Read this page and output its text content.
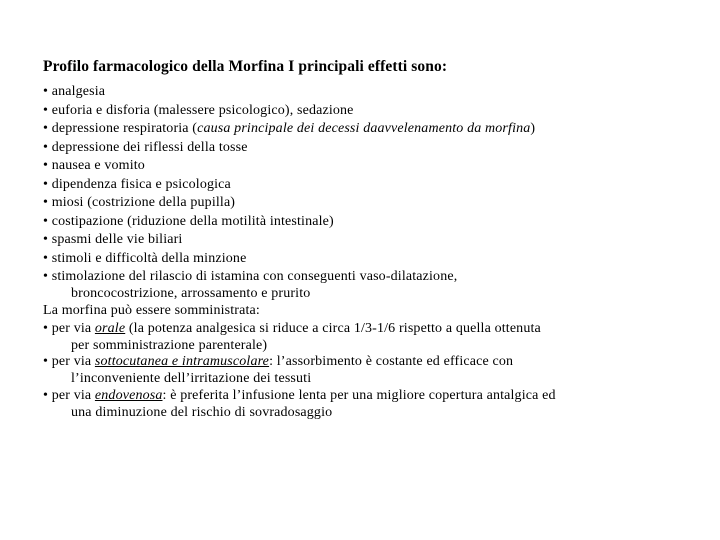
Profilo farmacologico della Morfina I principali effetti sono:
• analgesia
• euforia e disforia (malessere psicologico), sedazione
• depressione respiratoria (causa principale dei decessi daavvelenamento da morfina)
• depressione dei riflessi della tosse
• nausea e vomito
• dipendenza fisica e psicologica
• miosi (costrizione della pupilla)
• costipazione (riduzione della motilità intestinale)
• spasmi delle vie biliari
• stimoli e difficoltà della minzione
• stimolazione del rilascio di istamina con conseguenti vaso-dilatazione,
broncocostrizione, arrossamento e prurito
La morfina può essere somministrata:
• per via orale (la potenza analgesica si riduce a circa 1/3-1/6 rispetto a quella ottenuta
per somministrazione parenterale)
• per via sottocutanea e intramuscolare: l’assorbimento è costante ed efficace con
l’inconveniente dell’irritazione dei tessuti
• per via endovenosa: è preferita l’infusione lenta per una migliore copertura antalgica ed
una diminuzione del rischio di sovradosaggio
